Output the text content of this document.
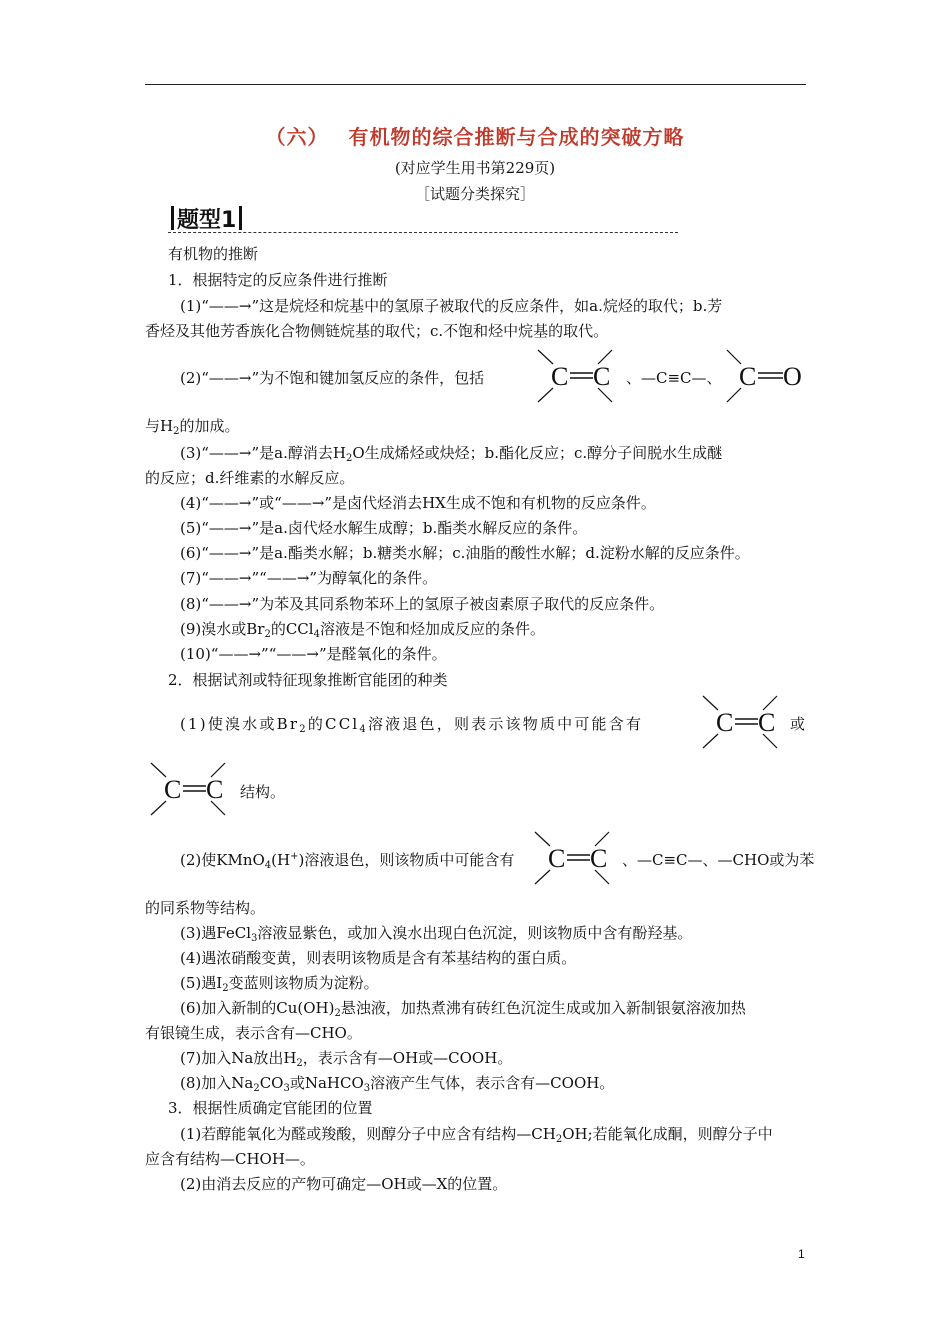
（六） 有机物的综合推断与合成的突破方略
(对应学生用书第229页)
［试题分类探究］
题型1
有机物的推断
1．根据特定的反应条件进行推断
(1)“——→”这是烷烃和烷基中的氢原子被取代的反应条件，如a.烷烃的取代；b.芳
香烃及其他芳香族化合物侧链烷基的取代；c.不饱和烃中烷基的取代。
(2)“——→”为不饱和键加氢反应的条件，包括	C C 、—C≡C—、 C O
与$H_2$的加成。
(3)“——→”是a.醇消去$H_2O$生成烯烃或炔烃；b.酯化反应；c.醇分子间脱水生成醚
的反应；d.纤维素的水解反应。
(4)“——→”或“——→”是卤代烃消去HX生成不饱和有机物的反应条件。
(5)“——→”是a.卤代烃水解生成醇；b.酯类水解反应的条件。
(6)“——→”是a.酯类水解；b.糖类水解；c.油脂的酸性水解；d.淀粉水解的反应条件。
(7)“——→”“——→”为醇氧化的条件。
(8)“——→”为苯及其同系物苯环上的氢原子被卤素原子取代的反应条件。
(9)溴水或$Br_2$的CCl$_4$溶液是不饱和烃加成反应的条件。
(10)“——→”“——→”是醛氧化的条件。
2．根据试剂或特征现象推断官能团的种类
(1)使溴水或$Br_2$的CCl$_4$溶液退色，则表示该物质中可能含有	C C 或
C C 结构。
(2)使KMnO$_4$(H+)溶液退色，则该物质中可能含有 C C 、—C≡C—、—CHO或为苯
的同系物等结构。
(3)遇FeCl$_3$溶液显紫色，或加入溴水出现白色沉淀，则该物质中含有酚羟基。
(4)遇浓硝酸变黄，则表明该物质是含有苯基结构的蛋白质。
(5)遇$I_2$变蓝则该物质为淀粉。
(6)加入新制的$Cu(OH)_2$悬浊液，加热煮沸有砖红色沉淀生成或加入新制银氨溶液加热
有银镜生成，表示含有—CHO。
(7)加入Na放出$H_2$，表示含有—OH或—COOH。
(8)加入$Na_2CO_3$或NaHCO$_3$溶液产生气体，表示含有—COOH。
3．根据性质确定官能团的位置
(1)若醇能氧化为醛或羧酸，则醇分子中应含有结构$—CH_2OH$;若能氧化成酮，则醇分子中
应含有结构—CHOH—。
(2)由消去反应的产物可确定—OH或—X的位置。
1
